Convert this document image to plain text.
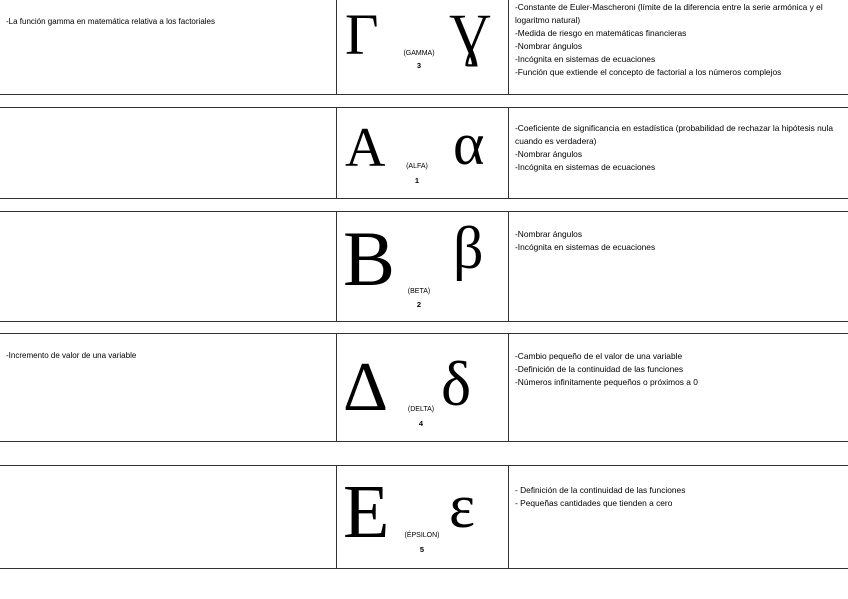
-La función gamma en matemática relativa a los factoriales	Γ Ɣ
(GAMMA)
3
-Constante de Euler-Mascheroni (límite de la diferencia entre la serie armónica y el logaritmo natural)
-Medida de riesgo en matemáticas financieras
-Nombrar ángulos
-Incógnita en sistemas de ecuaciones
-Función que extiende el concepto de factorial a los números complejos
Α α
(ALFA)
1
-Coeficiente de significancia en estadística (probabilidad de rechazar la hipótesis nula cuando es verdadera)
-Nombrar ángulos
-Incógnita en sistemas de ecuaciones
Β β
(BETA)
2
-Nombrar ángulos
-Incógnita en sistemas de ecuaciones
-Incremento de valor de una variable	Δ δ
(DELTA)
4
-Cambio pequeño de el valor de una variable
-Definición de la continuidad de las funciones
-Números infinitamente pequeños o próximos a 0
Ε ε
(ÉPSILON)
5
- Definición de la continuidad de las funciones
- Pequeñas cantidades que tienden a cero
